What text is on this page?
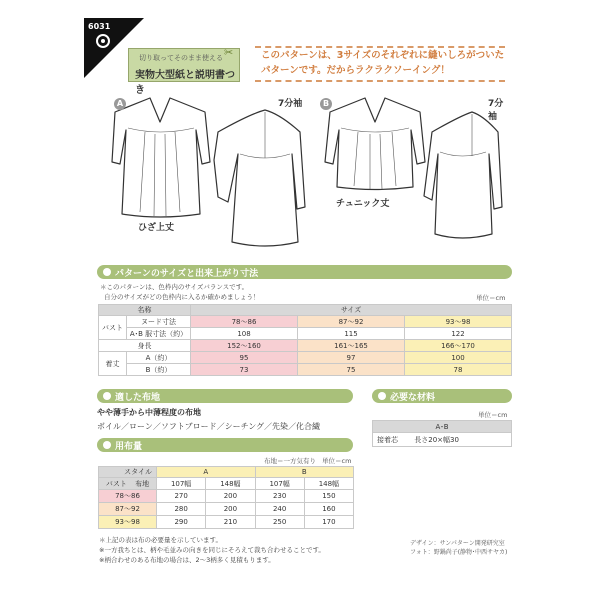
6031
切り取ってそのまま使える
実物大型紙と説明書つき
✂	このパターンは、3サイズのそれぞれに縫いしろがついた
パターンです。だからラクラクソーイング！
A	7分袖
ひざ上丈
B	7分袖
チュニック丈
パターンのサイズと出来上がり寸法
＊このパターンは、色枠内のサイズバランスです。
自分のサイズがどの色枠内に入るか確かめましょう！	単位＝cm
名称		サイズ		
バスト	ヌード寸法	78〜86	87〜92	93〜98
	A･B 服寸法（約）	108	115	122
身長		152〜160	161〜165	166〜170
着丈	A（約）	95	97	100
	B（約）	73	75	78
適した布地
やや薄手から中薄程度の布地
ボイル／ローン／ソフトブロード／シーチング／先染／化合繊
必要な材料
単位＝cm
A･B
接着芯 長さ20×幅30
用布量
布地＝一方気有り 単位＝cm
スタイル	A		B	
バスト 布地	107幅	148幅	107幅	148幅
78〜86	270	200	230	150
87〜92	280	200	240	160
93〜98	290	210	250	170
＊上記の表は布の必要量を示しています。
※一方我ちとは、柄や毛並みの向きを同じにそろえて裁ち合わせることです。
※柄合わせのある布地の場合は、2〜3柄多く見積もります。
デザイン：サンパターン開発研究室
フォト：野鍋尚子(静物･中西サヤカ)
